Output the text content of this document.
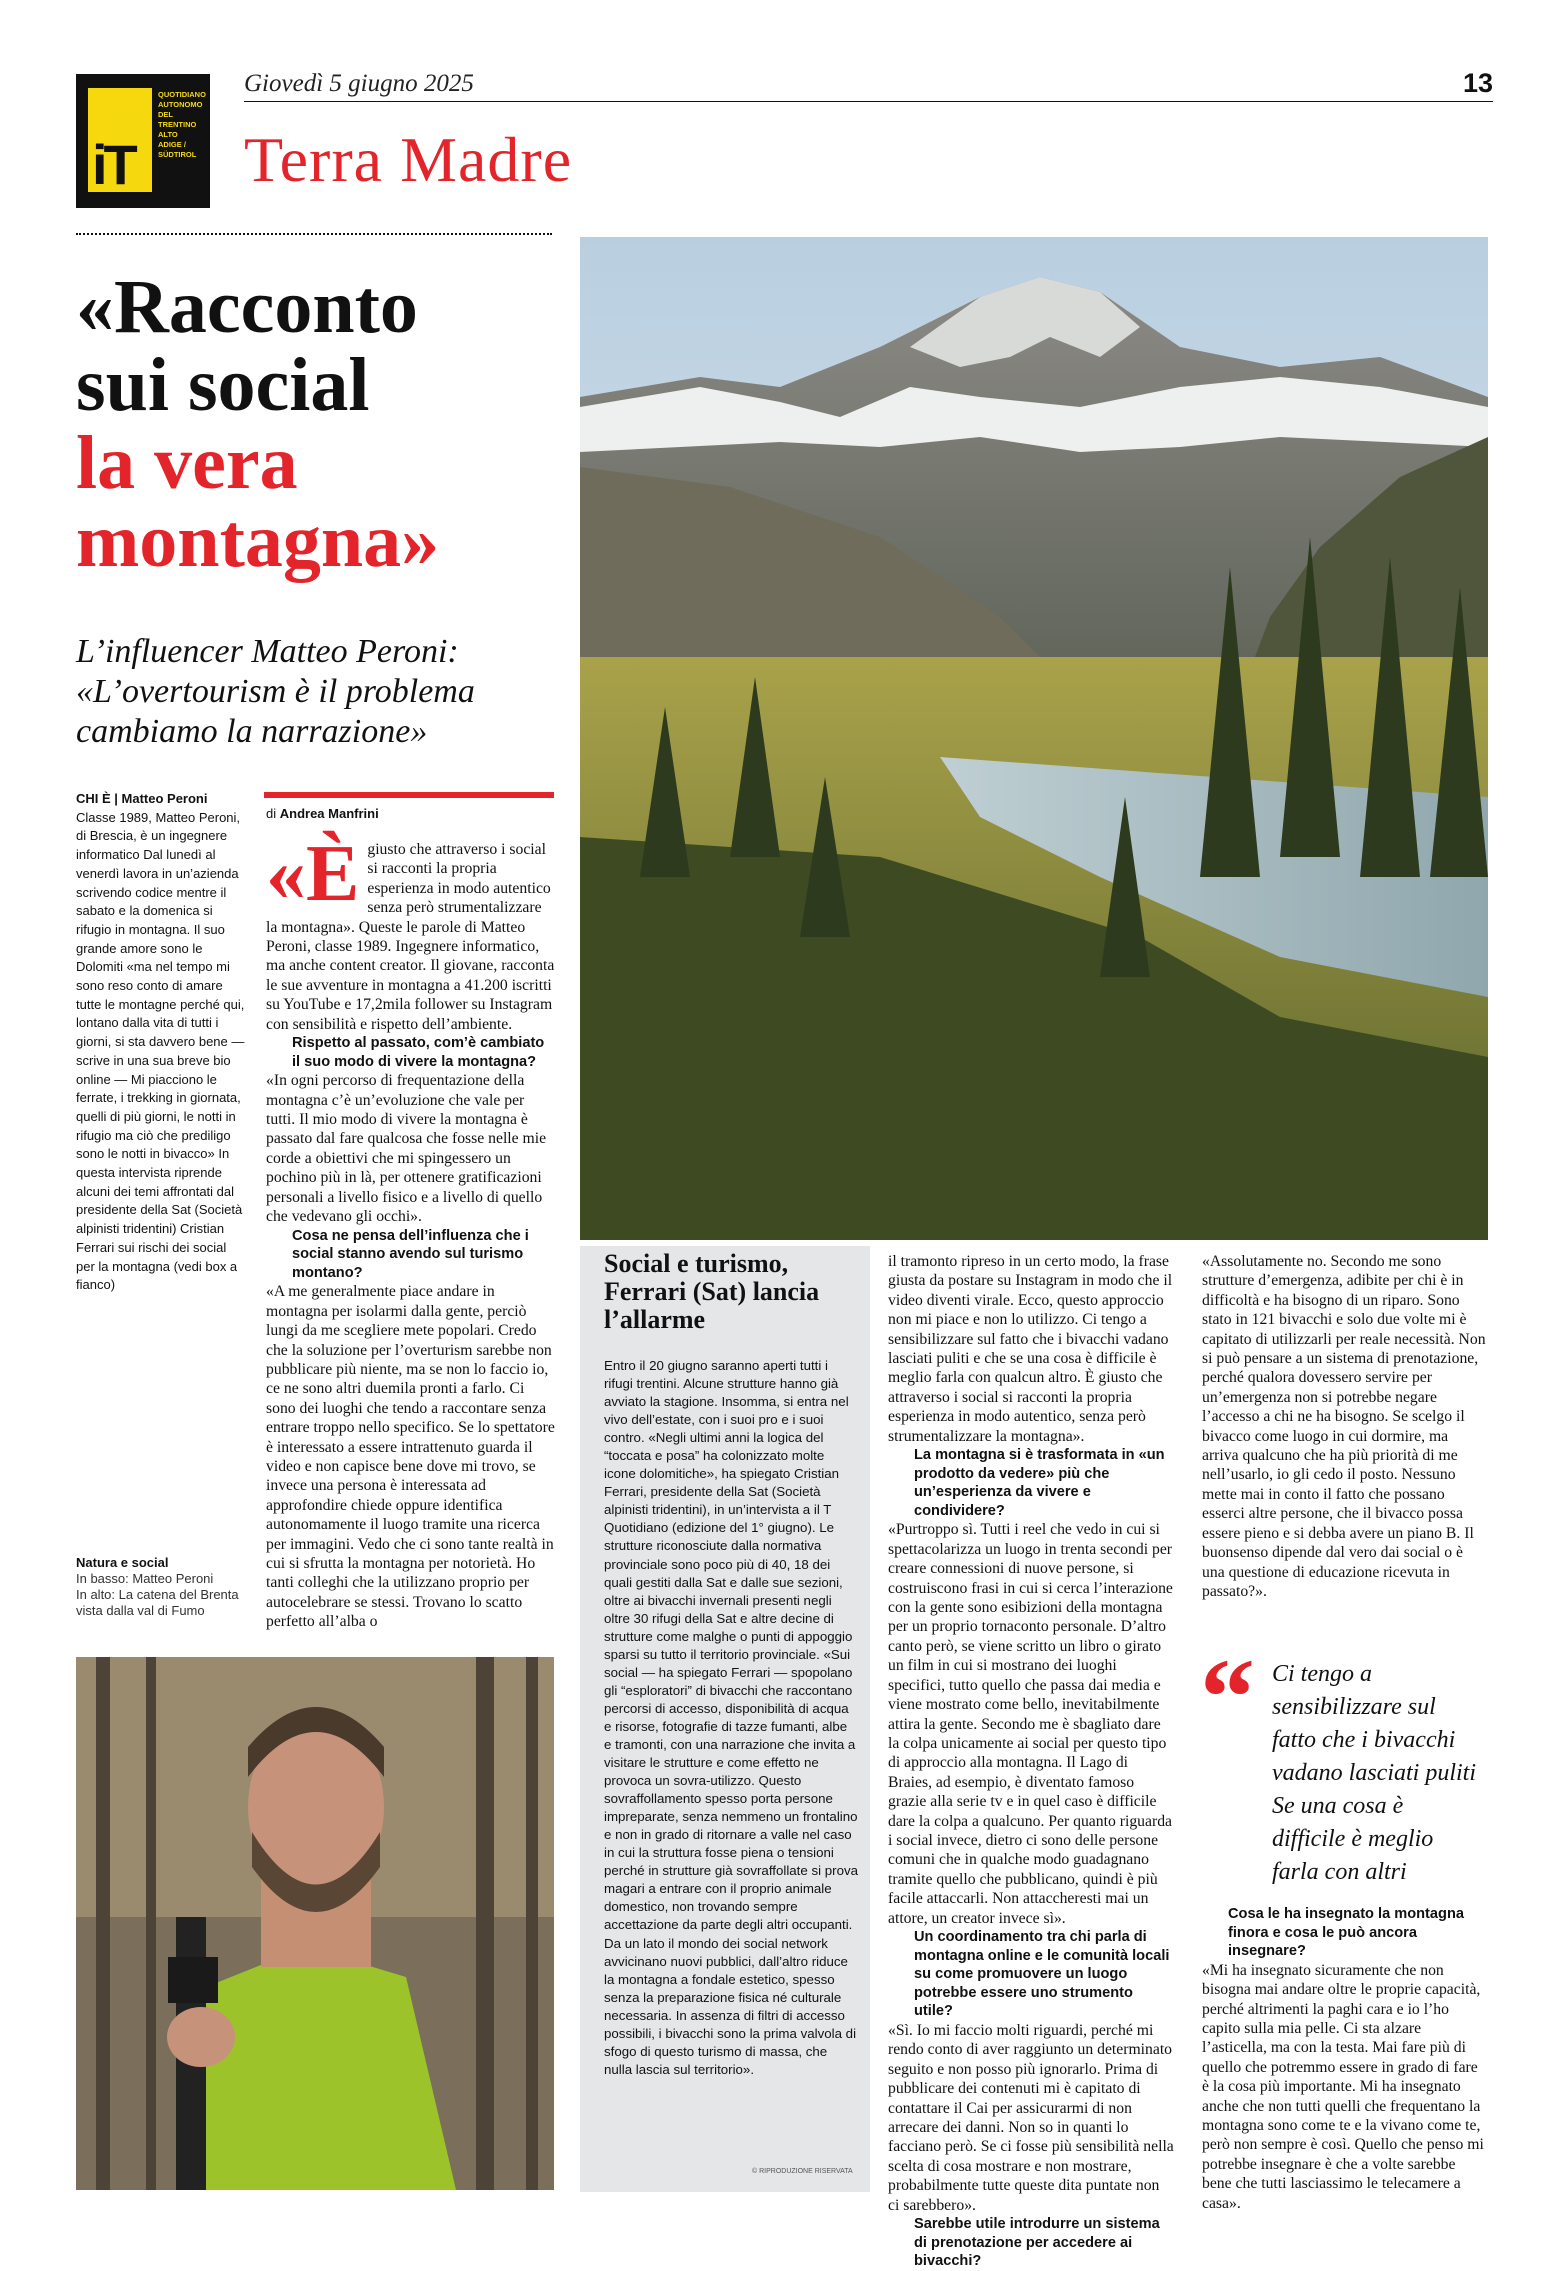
iT
QUOTIDIANO AUTONOMO DEL TRENTINO ALTO ADIGE / SÜDTIROL
Giovedì 5 giugno 2025	13
Terra Madre
«Racconto
sui social
la vera
montagna»
L’influencer Matteo Peroni: «L’overtourism è il problema cambiamo la narrazione»
CHI È | Matteo Peroni
Classe 1989, Matteo Peroni, di Brescia, è un ingegnere informatico Dal lunedì al venerdì lavora in un’azienda scrivendo codice mentre il sabato e la domenica si rifugio in montagna. Il suo grande amore sono le Dolomiti «ma nel tempo mi sono reso conto di amare tutte le montagne perché qui, lontano dalla vita di tutti i giorni, si sta davvero bene — scrive in una sua breve bio online — Mi piacciono le ferrate, i trekking in giornata, quelli di più giorni, le notti in rifugio ma ciò che prediligo sono le notti in bivacco» In questa intervista riprende alcuni dei temi affrontati dal presidente della Sat (Società alpinisti tridentini) Cristian Ferrari sui rischi dei social per la montagna (vedi box a fianco)
Natura e social
In basso: Matteo Peroni
In alto: La catena del Brenta vista dalla val di Fumo
di Andrea Manfrini

«Ègiusto che attraverso i social si racconti la propria esperienza in modo autentico senza però strumentalizzare la montagna». Queste le parole di Matteo Peroni, classe 1989. Ingegnere informatico, ma anche content creator. Il giovane, racconta le sue avventure in montagna a 41.200 iscritti su YouTube e 17,2mila follower su Instagram con sensibilità e rispetto dell’ambiente.

Rispetto al passato, com’è cambiato il suo modo di vivere la montagna?

«In ogni percorso di frequentazione della montagna c’è un’evoluzione che vale per tutti. Il mio modo di vivere la montagna è passato dal fare qualcosa che fosse nelle mie corde a obiettivi che mi spingessero un pochino più in là, per ottenere gratificazioni personali a livello fisico e a livello di quello che vedevano gli occhi».

Cosa ne pensa dell’influenza che i social stanno avendo sul turismo montano?

«A me generalmente piace andare in montagna per isolarmi dalla gente, perciò lungi da me scegliere mete popolari. Credo che la soluzione per l’overturism sarebbe non pubblicare più niente, ma se non lo faccio io, ce ne sono altri duemila pronti a farlo. Ci sono dei luoghi che tendo a raccontare senza entrare troppo nello specifico. Se lo spettatore è interessato a essere intrattenuto guarda il video e non capisce bene dove mi trovo, se invece una persona è interessata ad approfondire chiede oppure identifica autonomamente il luogo tramite una ricerca per immagini. Vedo che ci sono tante realtà in cui si sfrutta la montagna per notorietà. Ho tanti colleghi che la utilizzano proprio per autocelebrare se stessi. Trovano lo scatto perfetto all’alba o

Social e turismo, Ferrari (Sat) lancia l’allarme
Entro il 20 giugno saranno aperti tutti i rifugi trentini. Alcune strutture hanno già avviato la stagione. Insomma, si entra nel vivo dell’estate, con i suoi pro e i suoi contro. «Negli ultimi anni la logica del “toccata e posa” ha colonizzato molte icone dolomitiche», ha spiegato Cristian Ferrari, presidente della Sat (Società alpinisti tridentini), in un’intervista a il T Quotidiano (edizione del 1° giugno). Le strutture riconosciute dalla normativa provinciale sono poco più di 40, 18 dei quali gestiti dalla Sat e dalle sue sezioni, oltre ai bivacchi invernali presenti negli oltre 30 rifugi della Sat e altre decine di strutture come malghe o punti di appoggio sparsi su tutto il territorio provinciale. «Sui social — ha spiegato Ferrari — spopolano gli “esploratori” di bivacchi che raccontano percorsi di accesso, disponibilità di acqua e risorse, fotografie di tazze fumanti, albe e tramonti, con una narrazione che invita a visitare le strutture e come effetto ne provoca un sovra-utilizzo. Questo sovraffollamento spesso porta persone impreparate, senza nemmeno un frontalino e non in grado di ritornare a valle nel caso in cui la struttura fosse piena o tensioni perché in strutture già sovraffollate si prova magari a entrare con il proprio animale domestico, non trovando sempre accettazione da parte degli altri occupanti. Da un lato il mondo dei social network avvicinano nuovi pubblici, dall’altro riduce la montagna a fondale estetico, spesso senza la preparazione fisica né culturale necessaria. In assenza di filtri di accesso possibili, i bivacchi sono la prima valvola di sfogo di questo turismo di massa, che nulla lascia sul territorio».
© RIPRODUZIONE RISERVATA

il tramonto ripreso in un certo modo, la frase giusta da postare su Instagram in modo che il video diventi virale. Ecco, questo approccio non mi piace e non lo utilizzo. Ci tengo a sensibilizzare sul fatto che i bivacchi vadano lasciati puliti e che se una cosa è difficile è meglio farla con qualcun altro. È giusto che attraverso i social si racconti la propria esperienza in modo autentico, senza però strumentalizzare la montagna».

La montagna si è trasformata in «un prodotto da vedere» più che un’esperienza da vivere e condividere?

«Purtroppo sì. Tutti i reel che vedo in cui si spettacolarizza un luogo in trenta secondi per creare connessioni di nuove persone, si costruiscono frasi in cui si cerca l’interazione con la gente sono esibizioni della montagna per un proprio tornaconto personale. D’altro canto però, se viene scritto un libro o girato un film in cui si mostrano dei luoghi specifici, tutto quello che passa dai media e viene mostrato come bello, inevitabilmente attira la gente. Secondo me è sbagliato dare la colpa unicamente ai social per questo tipo di approccio alla montagna. Il Lago di Braies, ad esempio, è diventato famoso grazie alla serie tv e in quel caso è difficile dare la colpa a qualcuno. Per quanto riguarda i social invece, dietro ci sono delle persone comuni che in qualche modo guadagnano tramite quello che pubblicano, quindi è più facile attaccarli. Non attaccheresti mai un attore, un creator invece sì».

Un coordinamento tra chi parla di montagna online e le comunità locali su come promuovere un luogo potrebbe essere uno strumento utile?

«Sì. Io mi faccio molti riguardi, perché mi rendo conto di aver raggiunto un determinato seguito e non posso più ignorarlo. Prima di pubblicare dei contenuti mi è capitato di contattare il Cai per assicurarmi di non arrecare dei danni. Non so in quanti lo facciano però. Se ci fosse più sensibilità nella scelta di cosa mostrare e non mostrare, probabilmente tutte queste dita puntate non ci sarebbero».

Sarebbe utile introdurre un sistema di prenotazione per accedere ai bivacchi?

«Assolutamente no. Secondo me sono strutture d’emergenza, adibite per chi è in difficoltà e ha bisogno di un riparo. Sono stato in 121 bivacchi e solo due volte mi è capitato di utilizzarli per reale necessità. Non si può pensare a un sistema di prenotazione, perché qualora dovessero servire per un’emergenza non si potrebbe negare l’accesso a chi ne ha bisogno. Se scelgo il bivacco come luogo in cui dormire, ma arriva qualcuno che ha più priorità di me nell’usarlo, io gli cedo il posto. Nessuno mette mai in conto il fatto che possano esserci altre persone, che il bivacco possa essere pieno e si debba avere un piano B. Il buonsenso dipende dal vero dai social o è una questione di educazione ricevuta in passato?».

“ Ci tengo a sensibilizzare sul fatto che i bivacchi vadano lasciati puliti Se una cosa è difficile è meglio farla con altri

Cosa le ha insegnato la montagna finora e cosa le può ancora insegnare?

«Mi ha insegnato sicuramente che non bisogna mai andare oltre le proprie capacità, perché altrimenti la paghi cara e io l’ho capito sulla mia pelle. Ci sta alzare l’asticella, ma con la testa. Mai fare più di quello che potremmo essere in grado di fare è la cosa più importante. Mi ha insegnato anche che non tutti quelli che frequentano la montagna sono come te e la vivano come te, però non sempre è così. Quello che penso mi potrebbe insegnare è che a volte sarebbe bene che tutti lasciassimo le telecamere a casa».
